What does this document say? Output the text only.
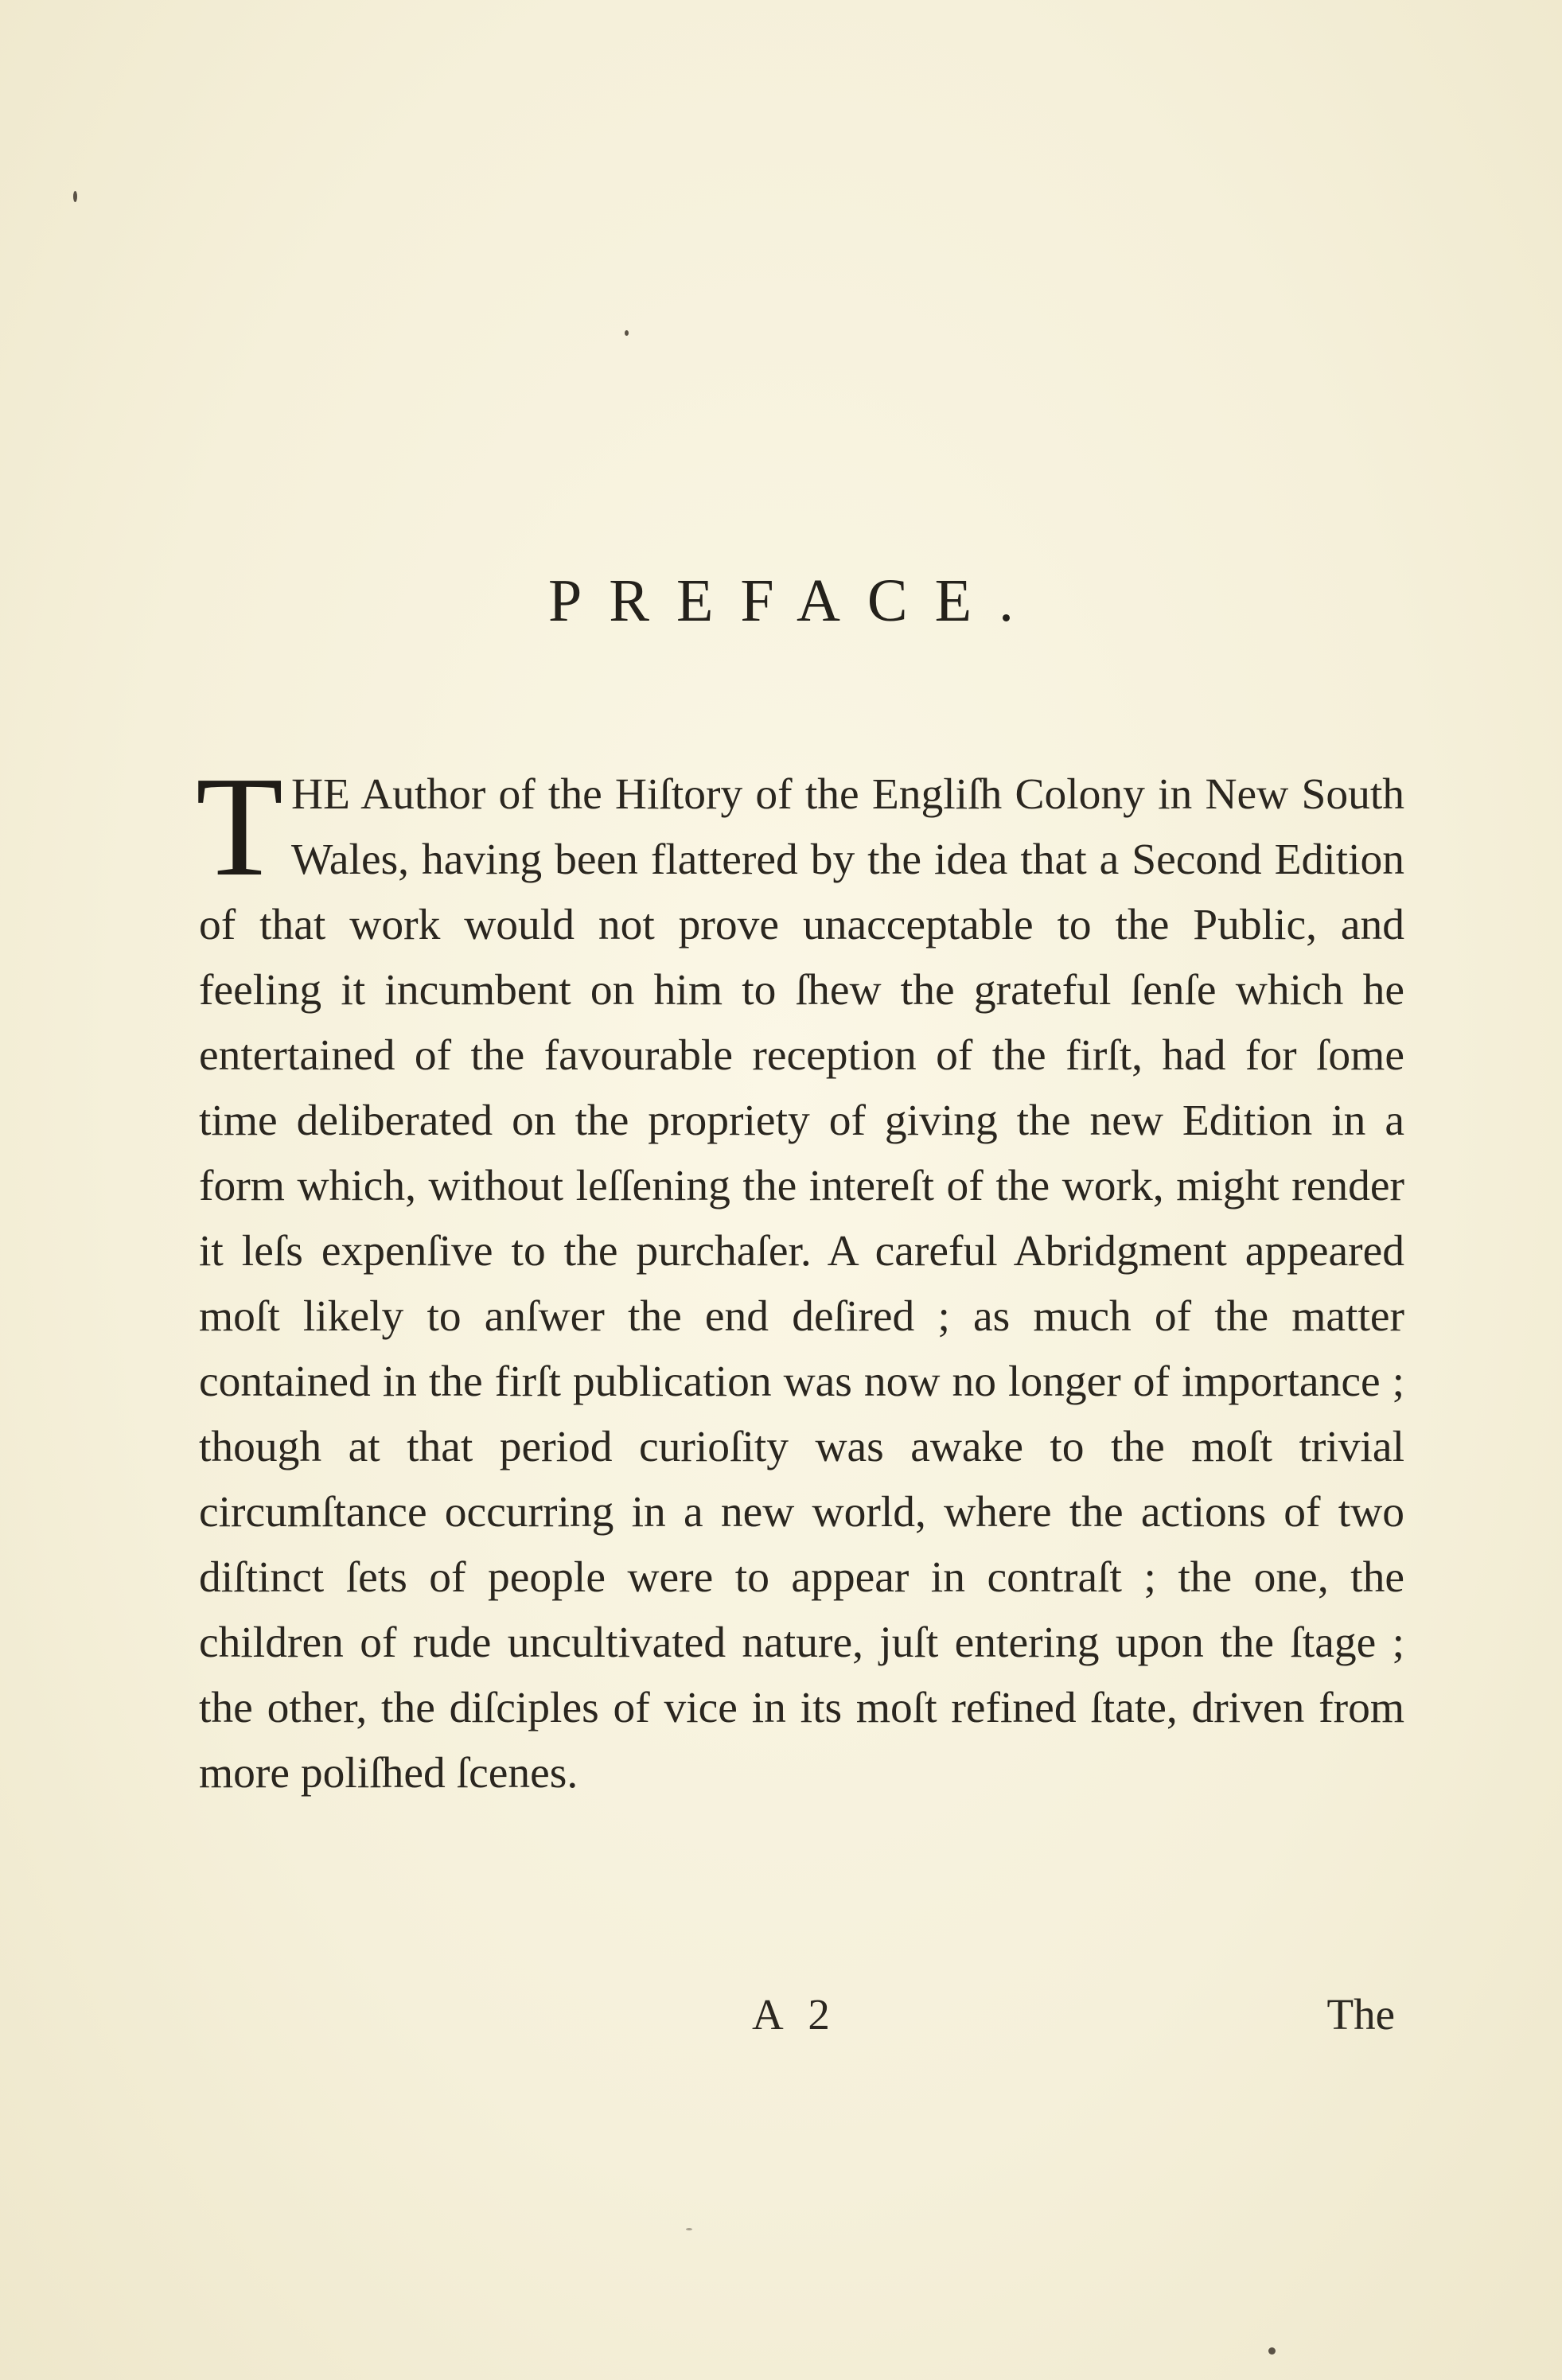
PREFACE.

THE Author of the Hiſtory of the Engliſh Colony in New South Wales, having been flattered by the idea that a Second Edition of that work would not prove unacceptable to the Public, and feeling it incumbent on him to ſhew the grateful ſenſe which he entertained of the favourable reception of the firſt, had for ſome time deliberated on the propriety of giving the new Edition in a form which, without leſſening the intereſt of the work, might render it leſs expenſive to the purchaſer. A careful Abridgment appeared moſt likely to anſwer the end deſired ; as much of the matter contained in the firſt publication was now no longer of importance ; though at that period curioſity was awake to the moſt trivial circumſtance occurring in a new world, where the actions of two diſtinct ſets of people were to appear in contraſt ; the one, the children of rude uncultivated nature, juſt entering upon the ſtage ; the other, the diſciples of vice in its moſt refined ſtate, driven from more poliſhed ſcenes.

A 2	The
